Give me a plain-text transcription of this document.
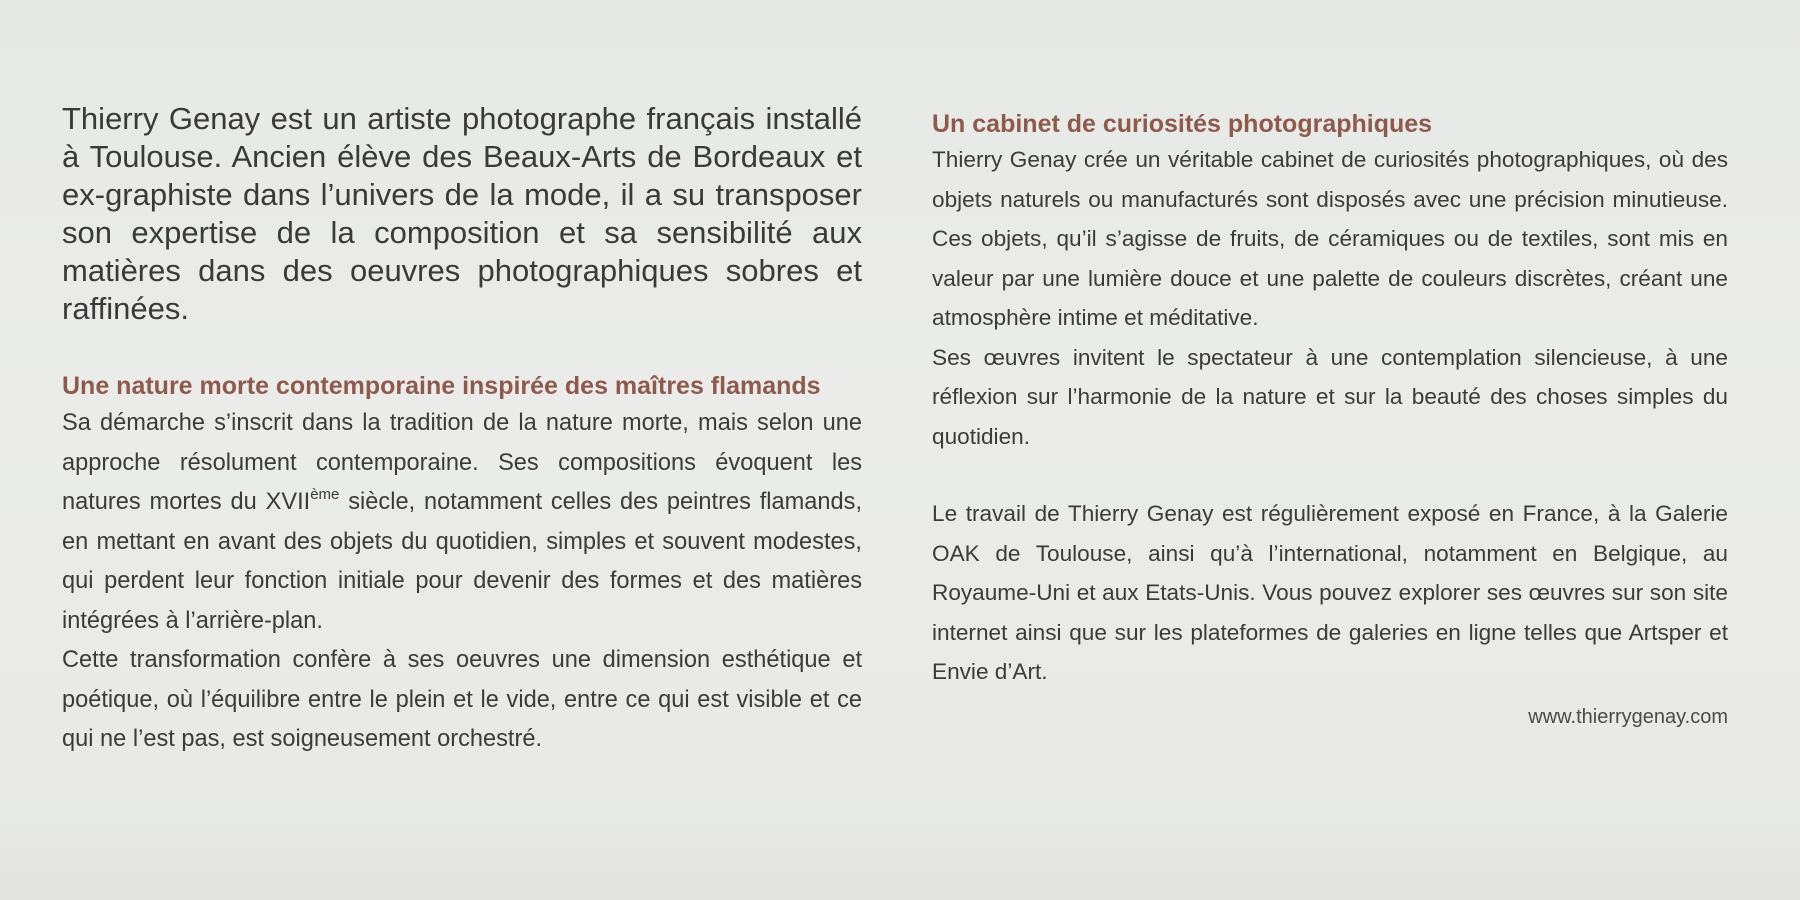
Thierry Genay est un artiste photographe français installé à Toulouse. Ancien élève des Beaux-Arts de Bordeaux et ex-graphiste dans l’univers de la mode, il a su transposer son expertise de la composition et sa sensibilité aux matières dans des oeuvres photographiques sobres et raffinées.

Une nature morte contemporaine inspirée des maîtres flamands

Sa démarche s’inscrit dans la tradition de la nature morte, mais selon une approche résolument contemporaine. Ses compositions évoquent les natures mortes du XVIIème siècle, notamment celles des peintres flamands, en mettant en avant des objets du quotidien, simples et souvent modestes, qui perdent leur fonction initiale pour devenir des formes et des matières intégrées à l’arrière-plan.

Cette transformation confère à ses oeuvres une dimension esthétique et poétique, où l’équilibre entre le plein et le vide, entre ce qui est visible et ce qui ne l’est pas, est soigneusement orchestré.

Un cabinet de curiosités photographiques

Thierry Genay crée un véritable cabinet de curiosités photographiques, où des objets naturels ou manufacturés sont disposés avec une précision minutieuse. Ces objets, qu’il s’agisse de fruits, de céramiques ou de textiles, sont mis en valeur par une lumière douce et une palette de couleurs discrètes, créant une atmosphère intime et méditative.

Ses œuvres invitent le spectateur à une contemplation silencieuse, à une réflexion sur l’harmonie de la nature et sur la beauté des choses simples du quotidien.

Le travail de Thierry Genay est régulièrement exposé en France, à la Galerie OAK de Toulouse, ainsi qu’à l’international, notamment en Belgique, au Royaume-Uni et aux Etats-Unis. Vous pouvez explorer ses œuvres sur son site internet ainsi que sur les plateformes de galeries en ligne telles que Artsper et Envie d’Art.

www.thierrygenay.com
